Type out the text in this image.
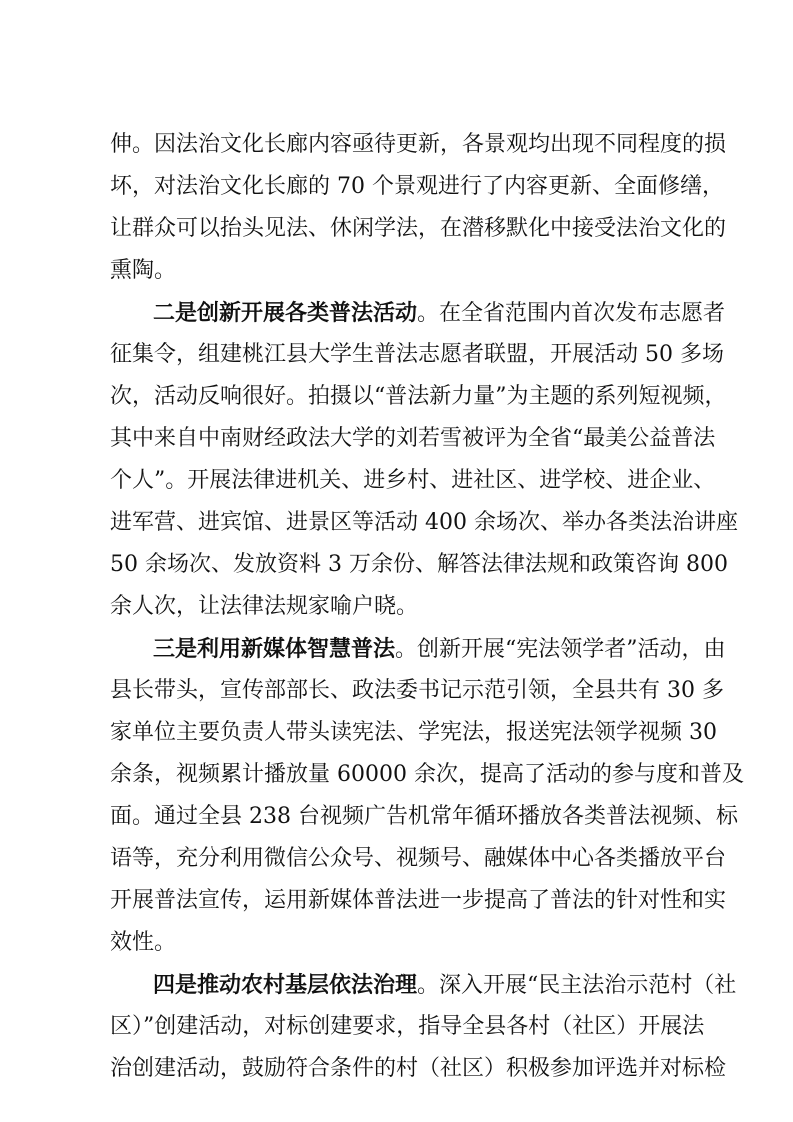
伸。因法治文化长廊内容亟待更新，各景观均出现不同程度的损
坏，对法治文化长廊的 70 个景观进行了内容更新、全面修缮，
让群众可以抬头见法、休闲学法，在潜移默化中接受法治文化的
熏陶。
二是创新开展各类普法活动。在全省范围内首次发布志愿者
征集令，组建桃江县大学生普法志愿者联盟，开展活动 50 多场
次，活动反响很好。拍摄以“普法新力量”为主题的系列短视频，
其中来自中南财经政法大学的刘若雪被评为全省“最美公益普法
个人”。开展法律进机关、进乡村、进社区、进学校、进企业、
进军营、进宾馆、进景区等活动 400 余场次、举办各类法治讲座
50 余场次、发放资料 3 万余份、解答法律法规和政策咨询 800
余人次，让法律法规家喻户晓。
三是利用新媒体智慧普法。创新开展“宪法领学者”活动，由
县长带头，宣传部部长、政法委书记示范引领，全县共有 30 多
家单位主要负责人带头读宪法、学宪法，报送宪法领学视频 30
余条，视频累计播放量 60000 余次，提高了活动的参与度和普及
面。通过全县 238 台视频广告机常年循环播放各类普法视频、标
语等，充分利用微信公众号、视频号、融媒体中心各类播放平台
开展普法宣传，运用新媒体普法进一步提高了普法的针对性和实
效性。
四是推动农村基层依法治理。深入开展“民主法治示范村（社
区）”创建活动，对标创建要求，指导全县各村（社区）开展法
治创建活动，鼓励符合条件的村（社区）积极参加评选并对标检
